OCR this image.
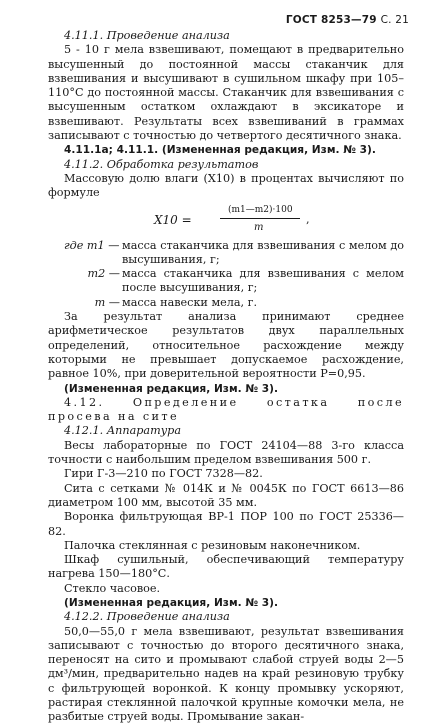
ГОСТ 8253—79 С. 21

4.11.1. Проведение анализа

5 - 10 г мела взвешивают, помещают в предварительно высушенный до постоянной массы стаканчик для взвешивания и высушивают в сушильном шкафу при 105– 110°С до постоянной массы. Стаканчик для взвешивания с высушенным остатком охлаждают в эксикаторе и взвешивают. Результаты всех взвешиваний в граммах записывают с точностью до четвертого десятичного знака.

4.11.1а; 4.11.1. (Измененная редакция, Изм. № 3).

4.11.2. Обработка результатов

Массовую долю влаги (X10) в процентах вычисляют по формуле

X10 =
(m1—m2)·100
m
,
где m1 — масса стаканчика для взвешивания с мелом до высушивания, г;
m2 — масса стаканчика для взвешивания с мелом после высушивания, г;
m — масса навески мела, г.

За результат анализа принимают среднее арифметическое результатов двух параллельных определений, относительное расхождение между которыми не превышает допускаемое расхождение, равное 10%, при доверительной вероятности Р=0,95.

(Измененная редакция, Изм. № 3).

4.12. Определение остатка после просева на сите

4.12.1. Аппаратура

Весы лабораторные по ГОСТ 24104—88 3-го класса точности с наибольшим пределом взвешивания 500 г.

Гири Г-3—210 по ГОСТ 7328—82.

Сита с сетками № 014К и № 0045К по ГОСТ 6613—86 диаметром 100 мм, высотой 35 мм.

Воронка фильтрующая ВР-1 ПОР 100 по ГОСТ 25336—82.

Палочка стеклянная с резиновым наконечником.

Шкаф сушильный, обеспечивающий температуру нагрева 150—180°С.

Стекло часовое.

(Измененная редакция, Изм. № 3).

4.12.2. Проведение анализа

50,0—55,0 г мела взвешивают, результат взвешивания записывают с точностью до второго десятичного знака, переносят на сито и промывают слабой струей воды 2—5 дм³/мин, предварительно надев на край резиновую трубку с фильтрующей воронкой. К концу промывку ускоряют, растирая стеклянной палочкой крупные комочки мела, не разбитые струей воды. Промывание закан-
